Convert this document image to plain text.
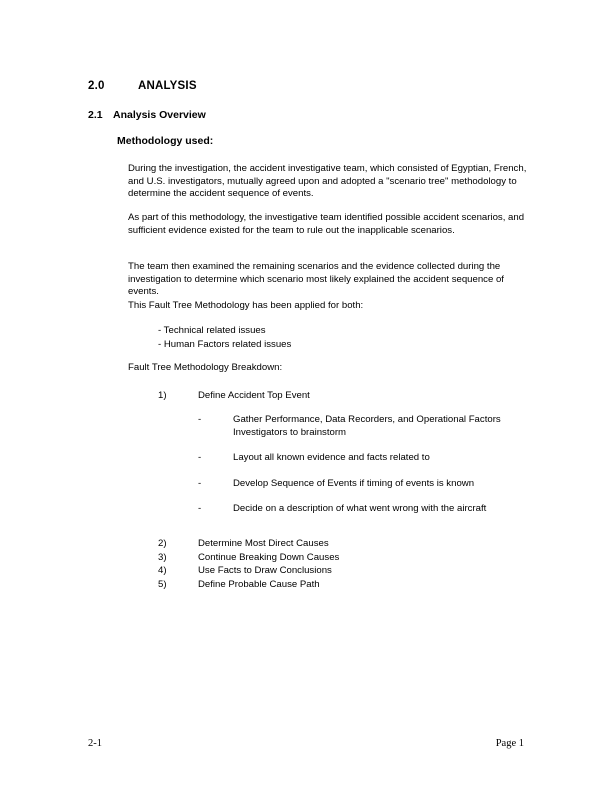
2.0	ANALYSIS
2.1 Analysis Overview
Methodology used:
During the investigation, the accident investigative team, which consisted of Egyptian, French, and U.S. investigators, mutually agreed upon and adopted a "scenario tree" methodology to determine the accident sequence of events.
As part of this methodology, the investigative team identified possible accident scenarios, and sufficient evidence existed for the team to rule out the inapplicable scenarios.
The team then examined the remaining scenarios and the evidence collected during the investigation to determine which scenario most likely explained the accident sequence of events.
This Fault Tree Methodology has been applied for both:
- Technical related issues
- Human Factors related issues
Fault Tree Methodology Breakdown:
1)	Define Accident Top Event
-	Gather Performance, Data Recorders, and Operational Factors Investigators to brainstorm
-	Layout all known evidence and facts related to
-	Develop Sequence of Events if timing of events is known
-	Decide on a description of what went wrong with the aircraft
2)	Determine Most Direct Causes
3)	Continue Breaking Down Causes
4)	Use Facts to Draw Conclusions
5)	Define Probable Cause Path
2-1	Page 1
